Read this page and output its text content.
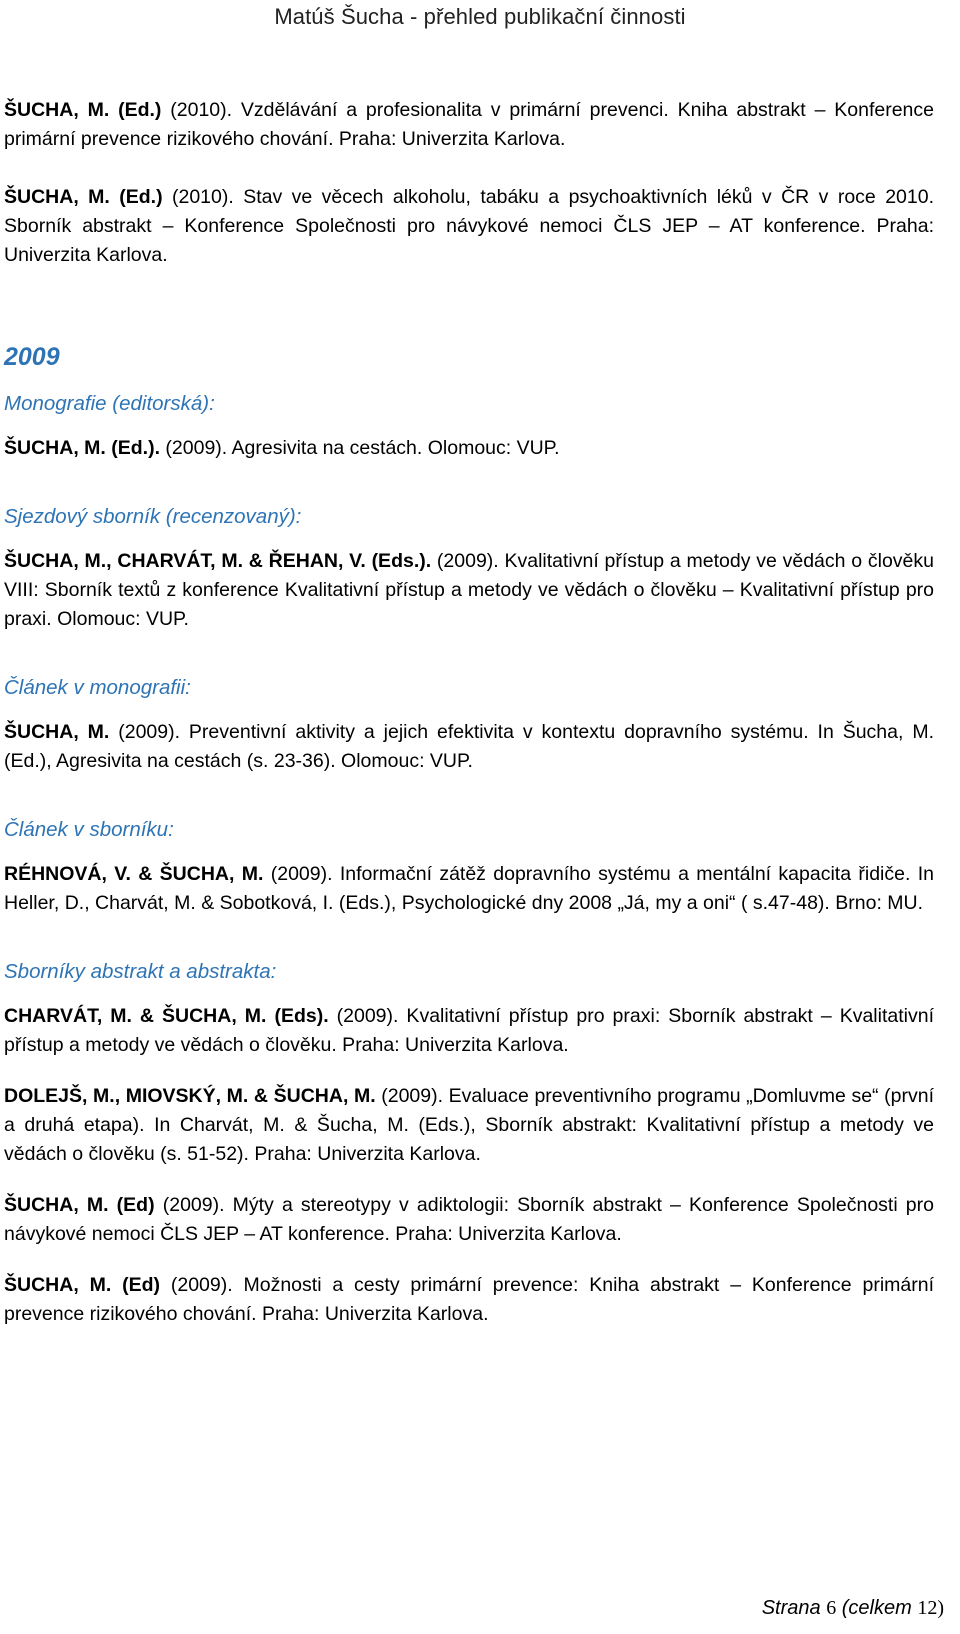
Matúš Šucha - přehled publikační činnosti

ŠUCHA, M. (Ed.) (2010). Vzdělávání a profesionalita v primární prevenci. Kniha abstrakt – Konference primární prevence rizikového chování. Praha: Univerzita Karlova.

ŠUCHA, M. (Ed.) (2010). Stav ve věcech alkoholu, tabáku a psychoaktivních léků v ČR v roce 2010. Sborník abstrakt – Konference Společnosti pro návykové nemoci ČLS JEP – AT konference. Praha: Univerzita Karlova.

2009

Monografie (editorská):

ŠUCHA, M. (Ed.). (2009). Agresivita na cestách. Olomouc: VUP.

Sjezdový sborník (recenzovaný):

ŠUCHA, M., CHARVÁT, M. & ŘEHAN, V. (Eds.). (2009). Kvalitativní přístup a metody ve vědách o člověku VIII: Sborník textů z konference Kvalitativní přístup a metody ve vědách o člověku – Kvalitativní přístup pro praxi. Olomouc: VUP.

Článek v monografii:

ŠUCHA, M. (2009). Preventivní aktivity a jejich efektivita v kontextu dopravního systému. In Šucha, M. (Ed.), Agresivita na cestách (s. 23-36). Olomouc: VUP.

Článek v sborníku:

RÉHNOVÁ, V. & ŠUCHA, M. (2009). Informační zátěž dopravního systému a mentální kapacita řidiče. In Heller, D., Charvát, M. & Sobotková, I. (Eds.), Psychologické dny 2008 „Já, my a oni“ ( s.47-48). Brno: MU.

Sborníky abstrakt a abstrakta:

CHARVÁT, M. & ŠUCHA, M. (Eds). (2009). Kvalitativní přístup pro praxi: Sborník abstrakt – Kvalitativní přístup a metody ve vědách o člověku. Praha: Univerzita Karlova.

DOLEJŠ, M., MIOVSKÝ, M. & ŠUCHA, M. (2009). Evaluace preventivního programu „Domluvme se“ (první a druhá etapa). In Charvát, M. & Šucha, M. (Eds.), Sborník abstrakt: Kvalitativní přístup a metody ve vědách o člověku (s. 51-52). Praha: Univerzita Karlova.

ŠUCHA, M. (Ed) (2009). Mýty a stereotypy v adiktologii: Sborník abstrakt – Konference Společnosti pro návykové nemoci ČLS JEP – AT konference. Praha: Univerzita Karlova.

ŠUCHA, M. (Ed) (2009). Možnosti a cesty primární prevence: Kniha abstrakt – Konference primární prevence rizikového chování. Praha: Univerzita Karlova.

Strana 6 (celkem 12)
